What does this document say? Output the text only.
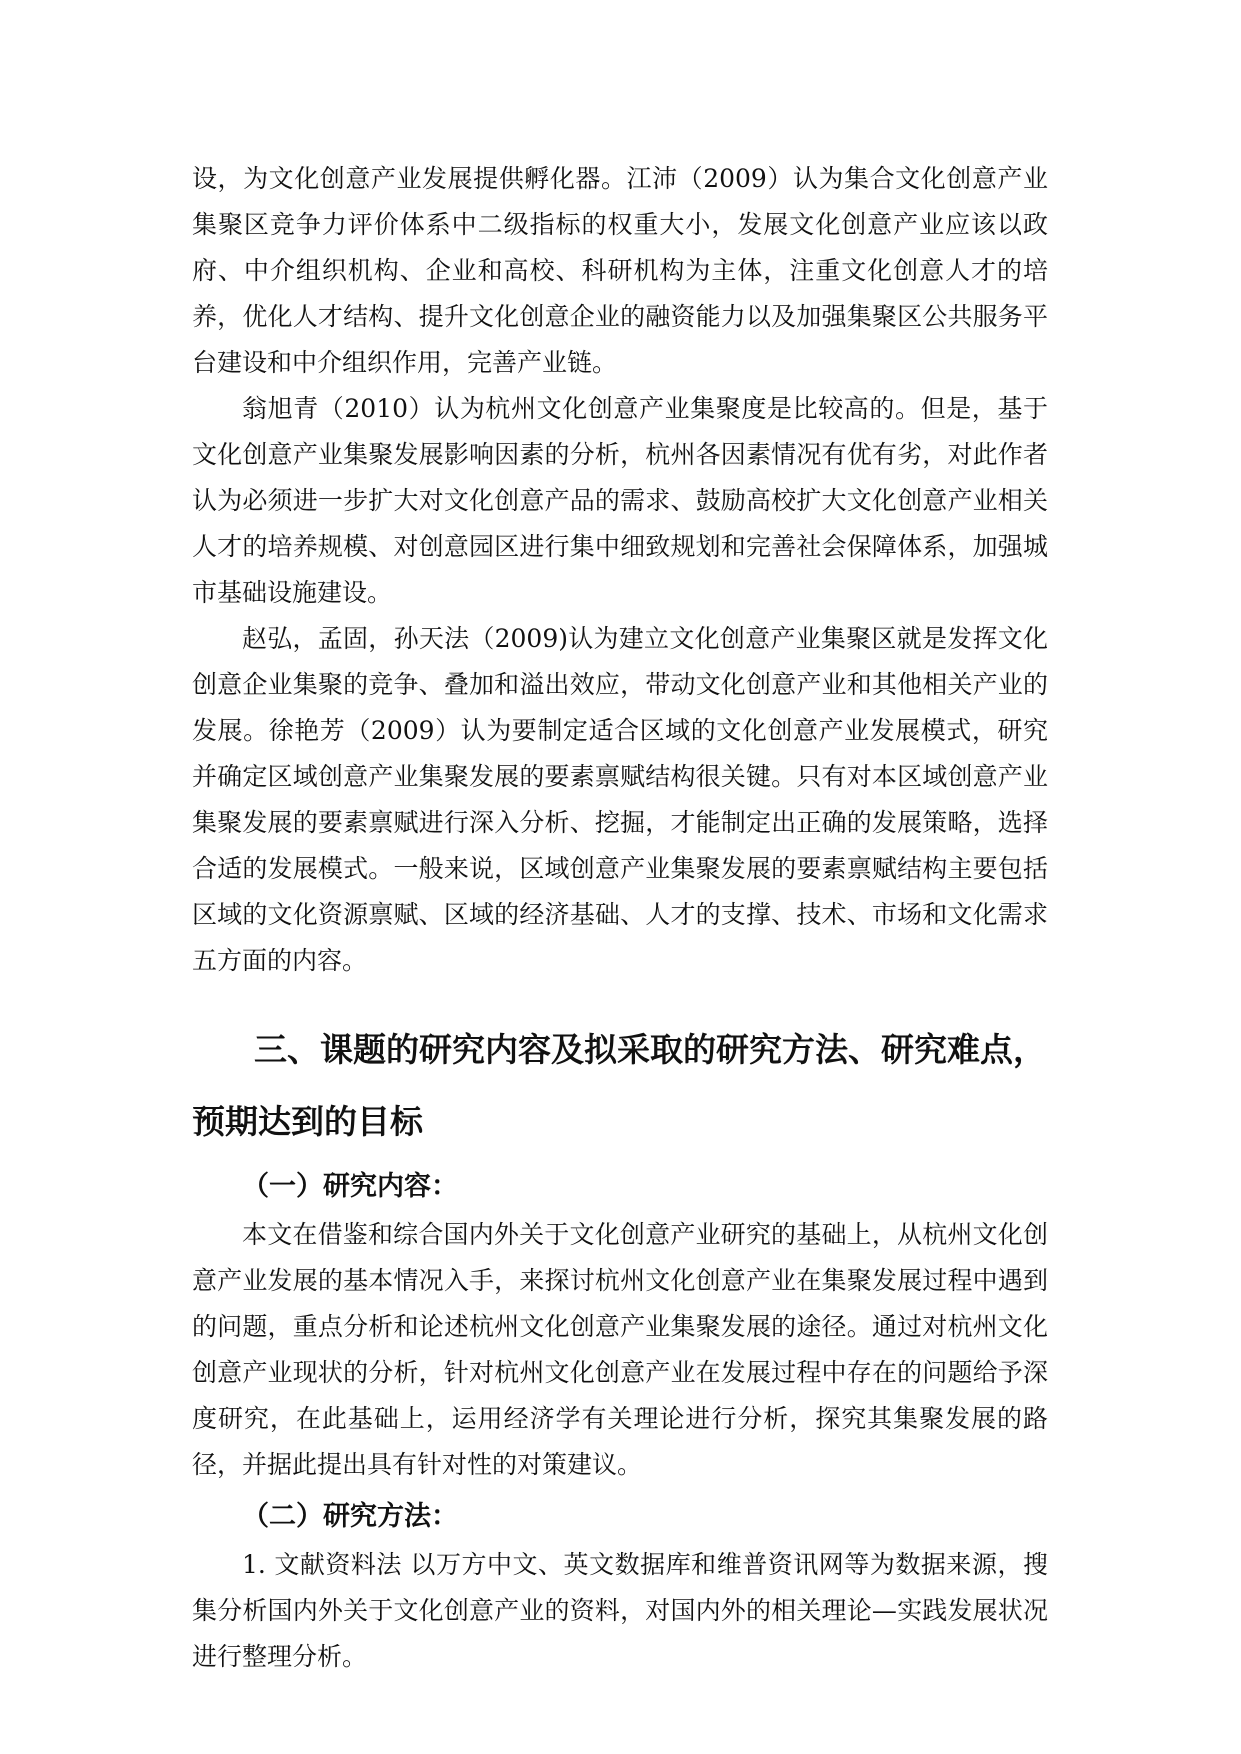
设，为文化创意产业发展提供孵化器。江沛（2009）认为集合文化创意产业集聚区竞争力评价体系中二级指标的权重大小，发展文化创意产业应该以政府、中介组织机构、企业和高校、科研机构为主体，注重文化创意人才的培养，优化人才结构、提升文化创意企业的融资能力以及加强集聚区公共服务平台建设和中介组织作用，完善产业链。

翁旭青（2010）认为杭州文化创意产业集聚度是比较高的。但是，基于文化创意产业集聚发展影响因素的分析，杭州各因素情况有优有劣，对此作者认为必须进一步扩大对文化创意产品的需求、鼓励高校扩大文化创意产业相关人才的培养规模、对创意园区进行集中细致规划和完善社会保障体系，加强城市基础设施建设。

赵弘，孟固，孙天法（2009)认为建立文化创意产业集聚区就是发挥文化创意企业集聚的竞争、叠加和溢出效应，带动文化创意产业和其他相关产业的发展。徐艳芳（2009）认为要制定适合区域的文化创意产业发展模式，研究并确定区域创意产业集聚发展的要素禀赋结构很关键。只有对本区域创意产业集聚发展的要素禀赋进行深入分析、挖掘，才能制定出正确的发展策略，选择合适的发展模式。一般来说，区域创意产业集聚发展的要素禀赋结构主要包括区域的文化资源禀赋、区域的经济基础、人才的支撑、技术、市场和文化需求五方面的内容。

三、课题的研究内容及拟采取的研究方法、研究难点，预期达到的目标
（一）研究内容：

本文在借鉴和综合国内外关于文化创意产业研究的基础上，从杭州文化创意产业发展的基本情况入手，来探讨杭州文化创意产业在集聚发展过程中遇到的问题，重点分析和论述杭州文化创意产业集聚发展的途径。通过对杭州文化创意产业现状的分析，针对杭州文化创意产业在发展过程中存在的问题给予深度研究，在此基础上，运用经济学有关理论进行分析，探究其集聚发展的路径，并据此提出具有针对性的对策建议。

（二）研究方法：

1. 文献资料法 以万方中文、英文数据库和维普资讯网等为数据来源，搜集分析国内外关于文化创意产业的资料，对国内外的相关理论—实践发展状况进行整理分析。
